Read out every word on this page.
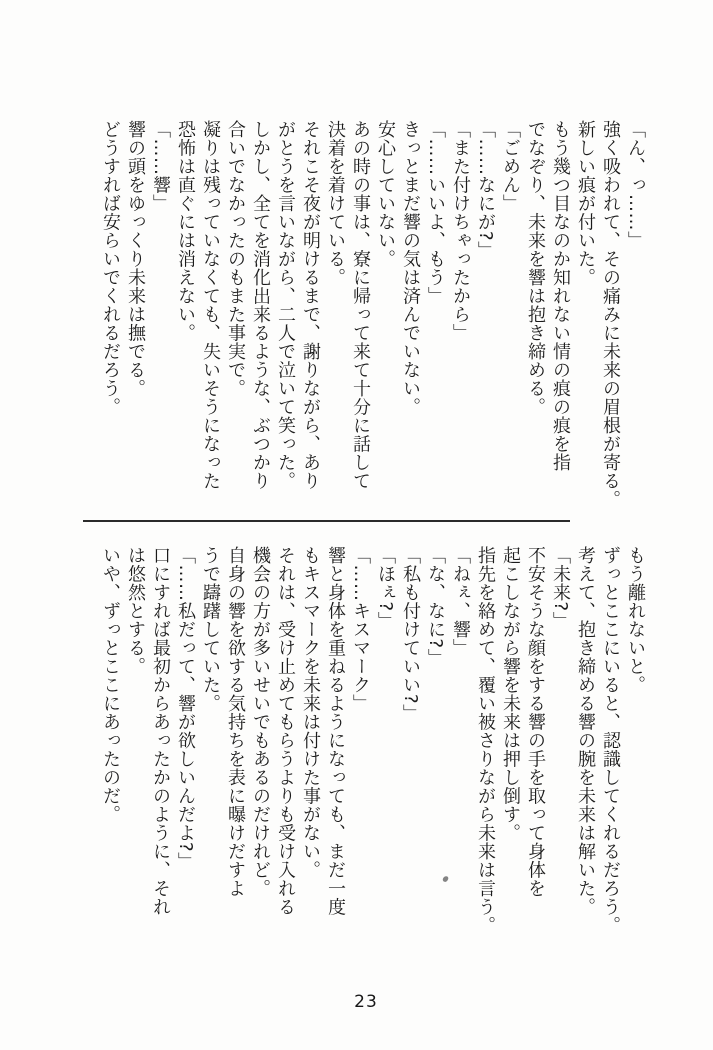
「ん、っ……」
強く吸われて、その痛みに未来の眉根が寄る。
新しい痕が付いた。
もう幾つ目なのか知れない情の痕の痕を指
でなぞり、未来を響は抱き締める。
「ごめん」
「……なにが?」
「また付けちゃったから」
「……いいよ、もう」
きっとまだ響の気は済んでいない。
安心していない。
あの時の事は、寮に帰って来て十分に話して
決着を着けている。
それこそ夜が明けるまで、謝りながら、あり
がとうを言いながら、二人で泣いて笑った。
しかし、全てを消化出来るような、ぶつかり
合いでなかったのもまた事実で。
凝りは残っていなくても、失いそうになった
恐怖は直ぐには消えない。
「……響」
響の頭をゆっくり未来は撫でる。
どうすれば安らいでくれるだろう。
もう離れないと。
ずっとここにいると、認識してくれるだろう。
考えて、抱き締める響の腕を未来は解いた。
「未来?」
不安そうな顔をする響の手を取って身体を
起こしながら響を未来は押し倒す。
指先を絡めて、覆い被さりながら未来は言う。
「ねぇ、響」
「な、なに?」
「私も付けていい?」
「ほぇ?」
「……キスマーク」
響と身体を重ねるようになっても、まだ一度
もキスマークを未来は付けた事がない。
それは、受け止めてもらうよりも受け入れる
機会の方が多いせいでもあるのだけれど。
自身の響を欲する気持ちを表に曝けだすよ
うで躊躇していた。
「……私だって、響が欲しいんだよ?」
口にすれば最初からあったかのように、それ
は悠然とする。
いや、ずっとここにあったのだ。
23
